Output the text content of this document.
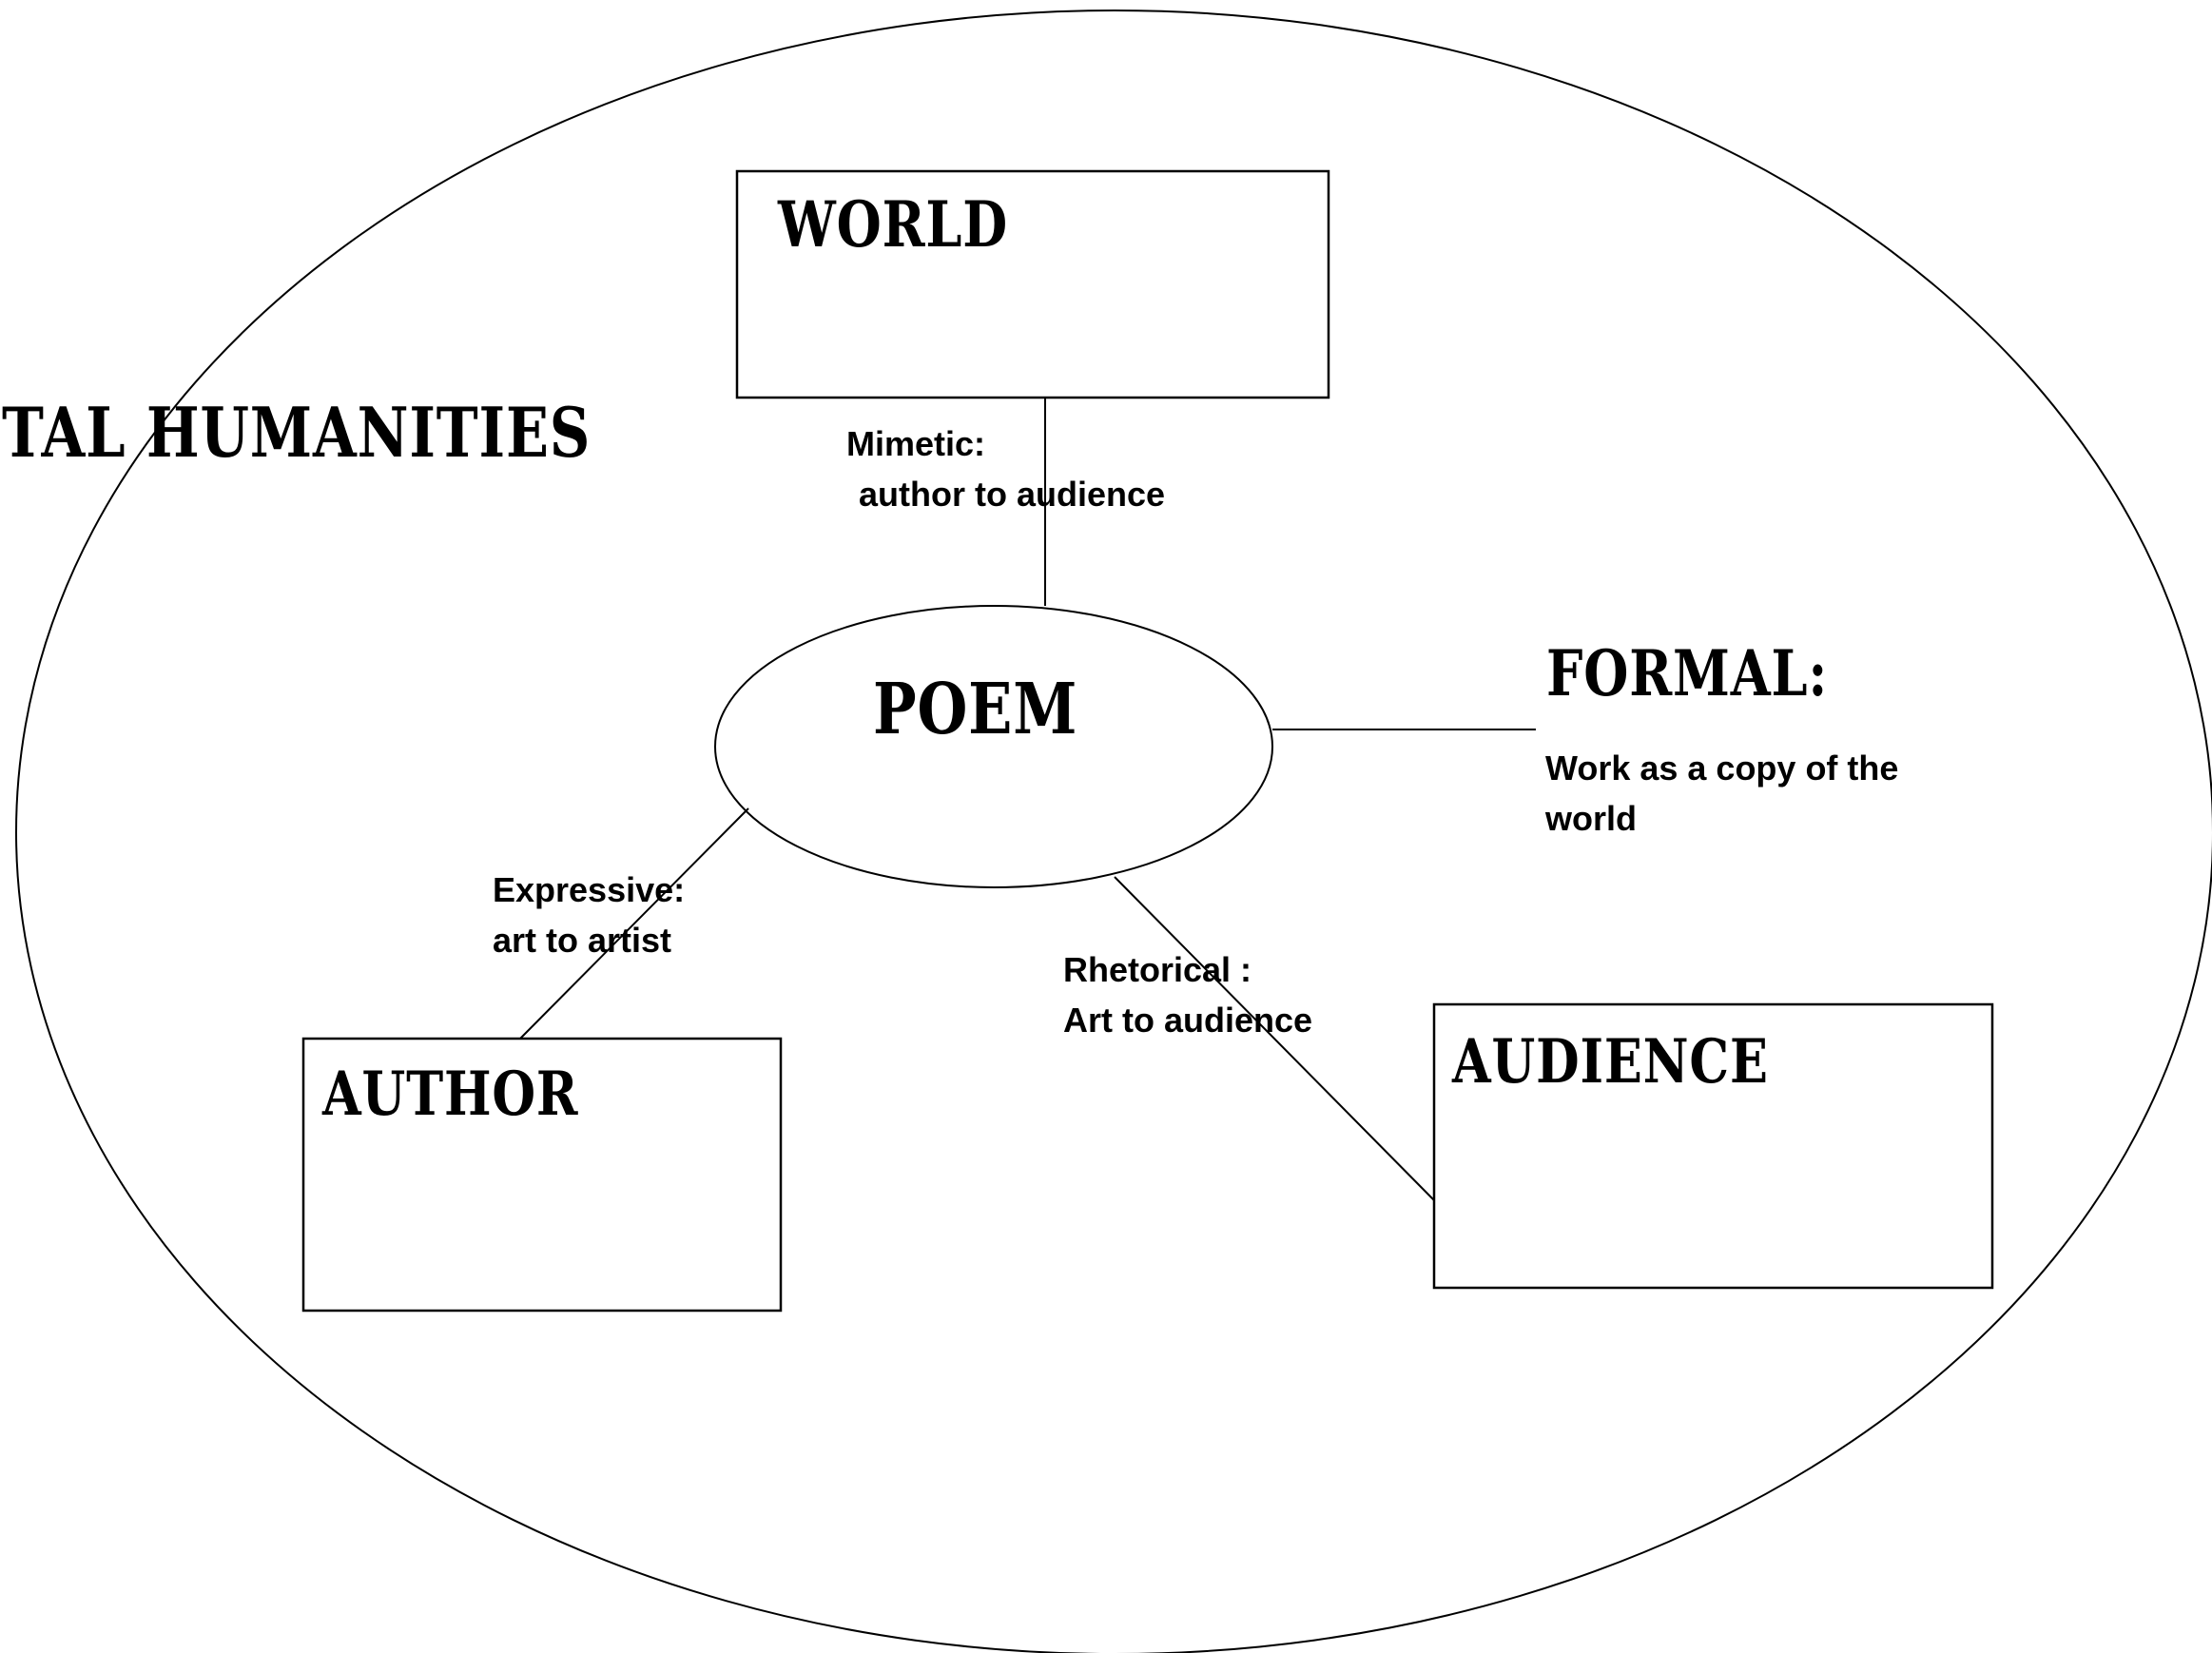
TAL HUMANITIES
WORLD
POEM	FORMAL:
AUTHOR	AUDIENCE
Mimetic:
author to audience
Work as a copy of the
world
Expressive:
art to artist
Rhetorical :
Art to audience
